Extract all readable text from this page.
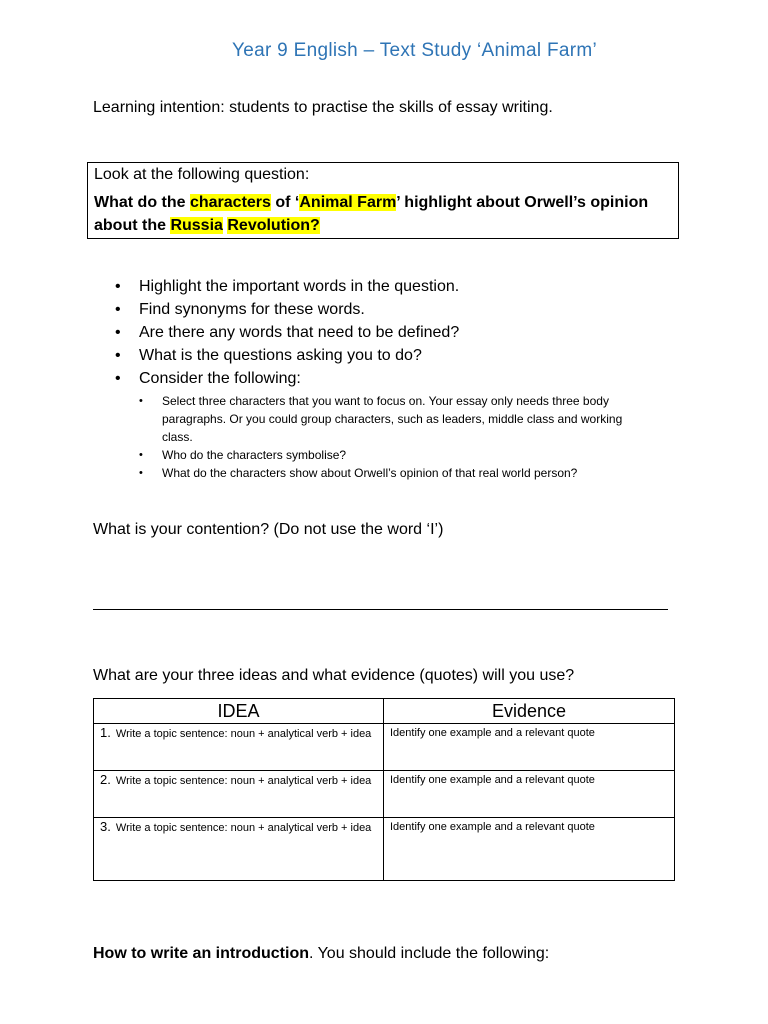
Year 9 English – Text Study ‘Animal Farm’
Learning intention: students to practise the skills of essay writing.
Look at the following question:
What do the characters of ‘Animal Farm’ highlight about Orwell’s opinion about the Russia Revolution?
• Highlight the important words in the question.
• Find synonyms for these words.
• Are there any words that need to be defined?
• What is the questions asking you to do?
• Consider the following:
• Select three characters that you want to focus on. Your essay only needs three body paragraphs. Or you could group characters, such as leaders, middle class and working class.
• Who do the characters symbolise?
• What do the characters show about Orwell’s opinion of that real world person?
What is your contention? (Do not use the word ‘I’)
What are your three ideas and what evidence (quotes) will you use?
IDEA	Evidence

1. Write a topic sentence: noun + analytical verb + idea	Identify one example and a relevant quote

2. Write a topic sentence: noun + analytical verb + idea	Identify one example and a relevant quote

3. Write a topic sentence: noun + analytical verb + idea	Identify one example and a relevant quote
How to write an introduction. You should include the following:
